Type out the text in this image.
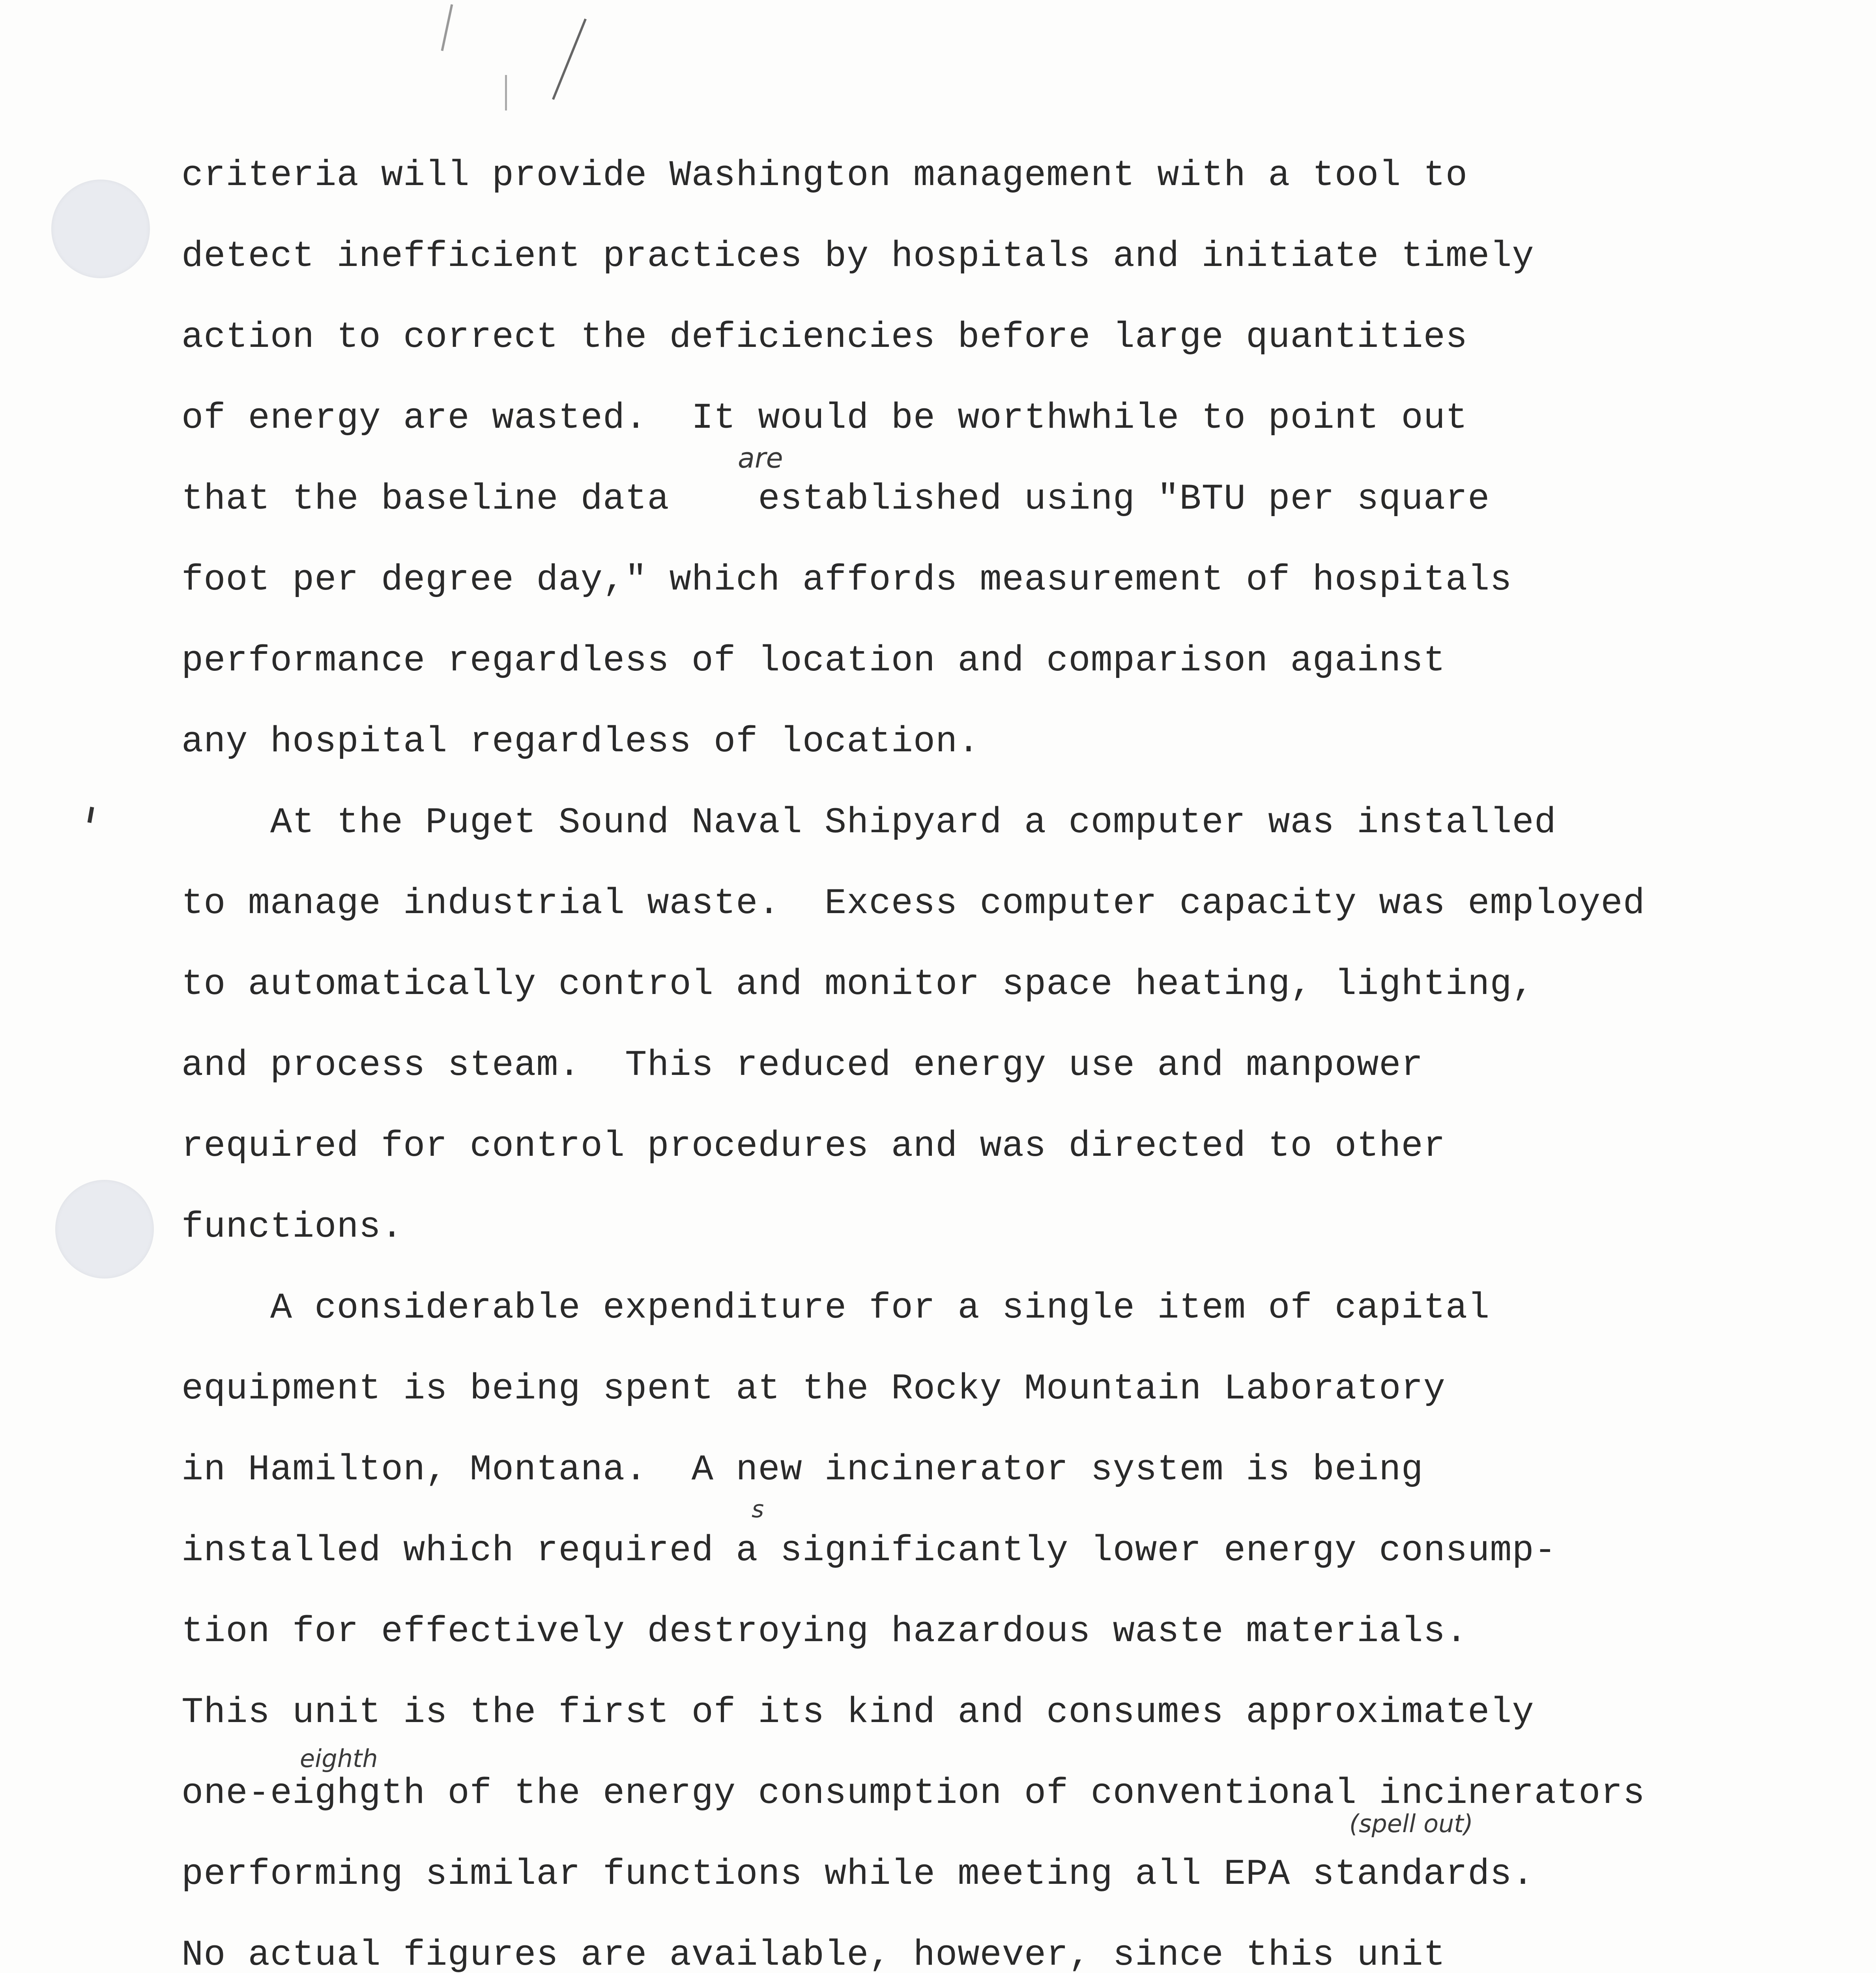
criteria will provide Washington management with a tool to
detect inefficient practices by hospitals and initiate timely
action to correct the deficiencies before large quantities
of energy are wasted.  It would be worthwhile to point out
that the baseline data    established using "BTU per square
foot per degree day," which affords measurement of hospitals
performance regardless of location and comparison against
any hospital regardless of location.
At the Puget Sound Naval Shipyard a computer was installed
to manage industrial waste.  Excess computer capacity was employed
to automatically control and monitor space heating, lighting,
and process steam.  This reduced energy use and manpower
required for control procedures and was directed to other
functions.
A considerable expenditure for a single item of capital
equipment is being spent at the Rocky Mountain Laboratory
in Hamilton, Montana.  A new incinerator system is being
installed which required a significantly lower energy consump-
tion for effectively destroying hazardous waste materials.
This unit is the first of its kind and consumes approximately
one-eighgth of the energy consumption of conventional incinerators
performing similar functions while meeting all EPA standards.
No actual figures are available, however, since this unit
are
s
eighth
(spell out)
